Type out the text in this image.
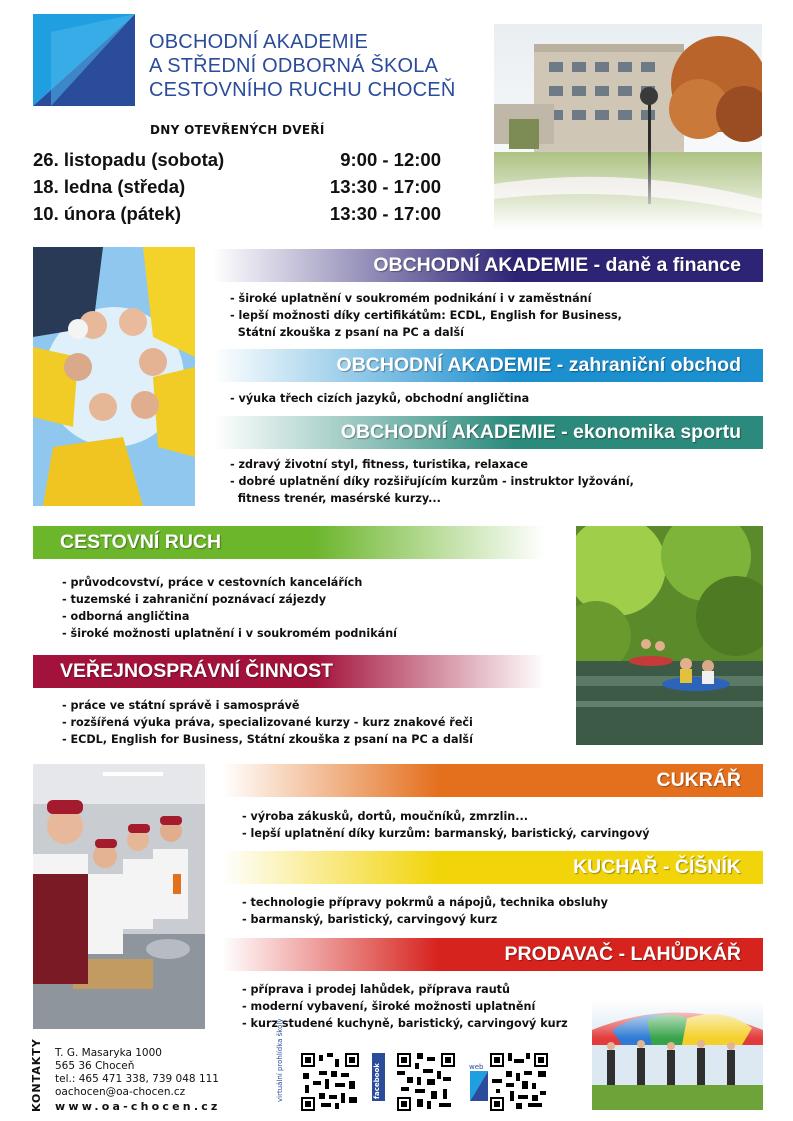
OBCHODNÍ AKADEMIE
A STŘEDNÍ ODBORNÁ ŠKOLA
CESTOVNÍHO RUCHU CHOCEŇ
DNY OTEVŘENÝCH DVEŘÍ
26. listopadu (sobota)	9:00 - 12:00
18. ledna (středa)	13:30 - 17:00
10. února (pátek)	13:30 - 17:00
OBCHODNÍ AKADEMIE - daně a finance
- široké uplatnění v soukromém podnikání i v zaměstnání
- lepší možnosti díky certifikátům: ECDL, English for Business,
Státní zkouška z psaní na PC a další
OBCHODNÍ AKADEMIE - zahraniční obchod
- výuka třech cizích jazyků, obchodní angličtina
OBCHODNÍ AKADEMIE - ekonomika sportu
- zdravý životní styl, fitness, turistika, relaxace
- dobré uplatnění díky rozšiřujícím kurzům - instruktor lyžování,
fitness trenér, masérské kurzy...
CESTOVNÍ RUCH
- průvodcovství, práce v cestovních kancelářích
- tuzemské i zahraniční poznávací zájezdy
- odborná angličtina
- široké možnosti uplatnění i v soukromém podnikání
VEŘEJNOSPRÁVNÍ ČINNOST
- práce ve státní správě i samosprávě
- rozšířená výuka práva, specializované kurzy - kurz znakové řeči
- ECDL, English for Business, Státní zkouška z psaní na PC a další
CUKRÁŘ
- výroba zákusků, dortů, moučníků, zmrzlin...
- lepší uplatnění díky kurzům: barmanský, baristický, carvingový
KUCHAŘ - ČÍŠNÍK
- technologie přípravy pokrmů a nápojů, technika obsluhy
- barmanský, baristický, carvingový kurz
PRODAVAČ - LAHŮDKÁŘ
- příprava i prodej lahůdek, příprava rautů
- moderní vybavení, široké možnosti uplatnění
- kurz studené kuchyně, baristický, carvingový kurz
KONTAKTY T. G. Masaryka 1000
565 36 Choceň
tel.: 465 471 338, 739 048 111
oachocen@oa-chocen.cz
www.oa-chocen.cz
virtuální prohlídka školy	facebook	web
